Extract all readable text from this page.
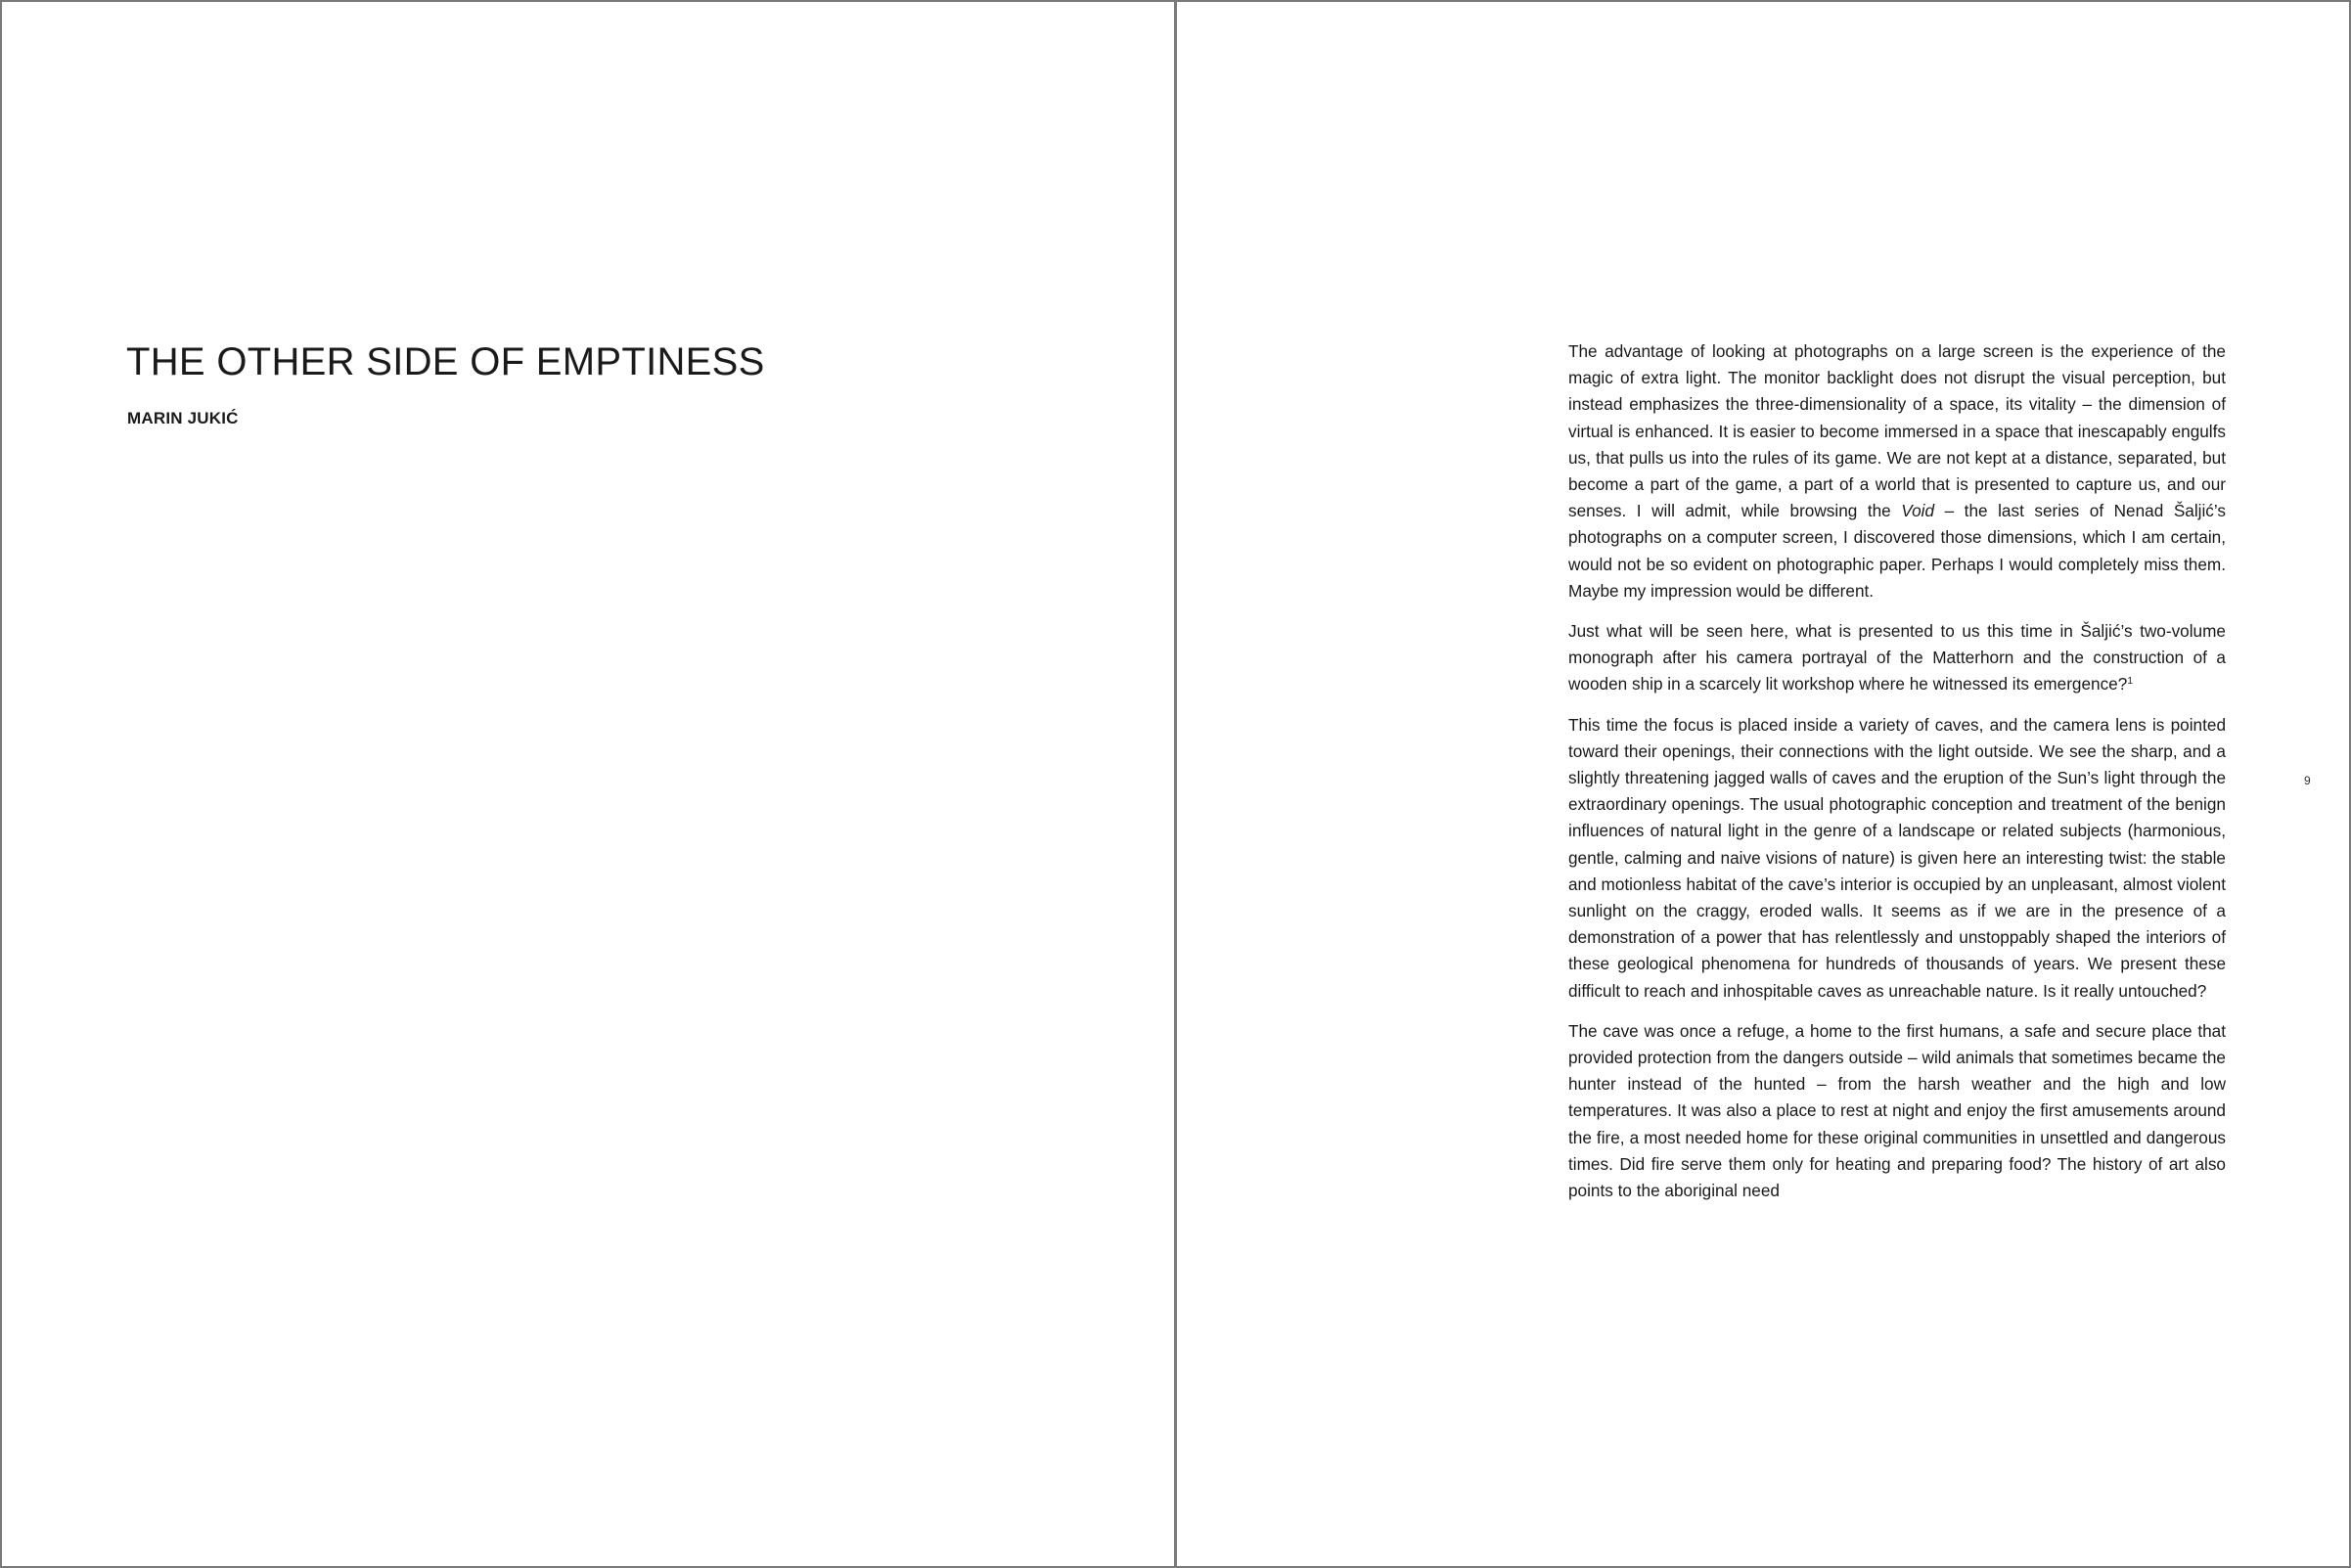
THE OTHER SIDE OF EMPTINESS
MARIN JUKIĆ

The advantage of looking at photographs on a large screen is the experience of the magic of extra light. The monitor backlight does not disrupt the visual perception, but instead emphasizes the three-dimensionality of a space, its vitality – the dimension of virtual is enhanced. It is easier to become immersed in a space that inescapably engulfs us, that pulls us into the rules of its game. We are not kept at a distance, separated, but become a part of the game, a part of a world that is presented to capture us, and our senses. I will admit, while browsing the Void – the last series of Nenad Šaljić’s photographs on a computer screen, I discovered those dimensions, which I am certain, would not be so evident on photographic paper. Perhaps I would completely miss them. Maybe my impression would be different.

Just what will be seen here, what is presented to us this time in Šaljić’s two-volume monograph after his camera portrayal of the Matterhorn and the construction of a wooden ship in a scarcely lit workshop where he witnessed its emergence?$^1$

This time the focus is placed inside a variety of caves, and the camera lens is pointed toward their openings, their connections with the light outside. We see the sharp, and a slightly threatening jagged walls of caves and the eruption of the Sun’s light through the extraordinary openings. The usual photographic conception and treatment of the benign influences of natural light in the genre of a landscape or related subjects (harmonious, gentle, calming and naive visions of nature) is given here an interesting twist: the stable and motionless habitat of the cave’s interior is occupied by an unpleasant, almost violent sunlight on the craggy, eroded walls. It seems as if we are in the presence of a demonstration of a power that has relentlessly and unstoppably shaped the interiors of these geological phenomena for hundreds of thousands of years. We present these difficult to reach and inhospitable caves as unreachable nature. Is it really untouched?

The cave was once a refuge, a home to the first humans, a safe and secure place that provided protection from the dangers outside – wild animals that sometimes became the hunter instead of the hunted – from the harsh weather and the high and low temperatures. It was also a place to rest at night and enjoy the first amusements around the fire, a most needed home for these original communities in unsettled and dangerous times. Did fire serve them only for heating and preparing food? The history of art also points to the aboriginal need

9
